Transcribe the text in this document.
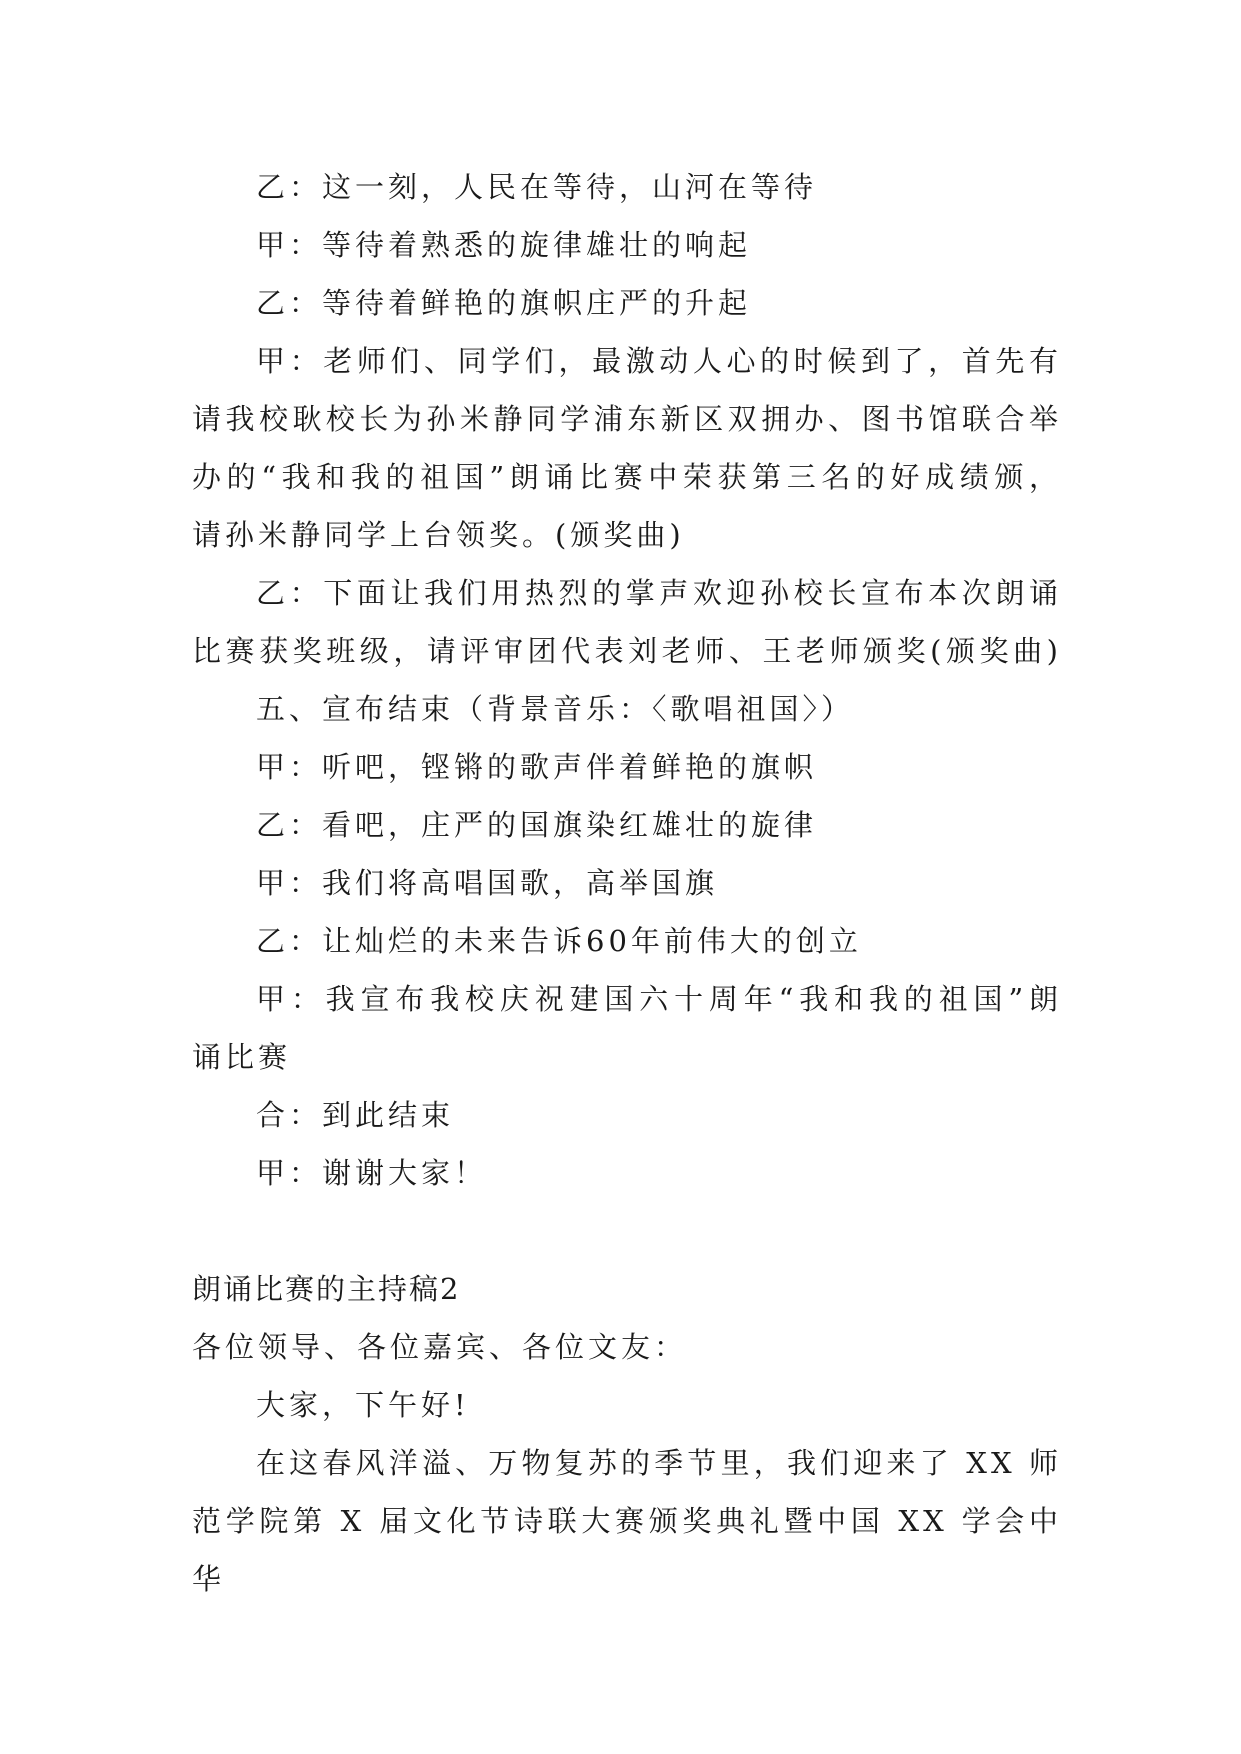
乙：这一刻，人民在等待，山河在等待
甲：等待着熟悉的旋律雄壮的响起
乙：等待着鲜艳的旗帜庄严的升起
甲：老师们、同学们，最激动人心的时候到了，首先有
请我校耿校长为孙米静同学浦东新区双拥办、图书馆联合举
办的“我和我的祖国”朗诵比赛中荣获第三名的好成绩颁，
请孙米静同学上台领奖。(颁奖曲)
乙：下面让我们用热烈的掌声欢迎孙校长宣布本次朗诵
比赛获奖班级，请评审团代表刘老师、王老师颁奖(颁奖曲)
五、宣布结束（背景音乐：〈歌唱祖国〉）
甲：听吧，铿锵的歌声伴着鲜艳的旗帜
乙：看吧，庄严的国旗染红雄壮的旋律
甲：我们将高唱国歌，高举国旗
乙：让灿烂的未来告诉60年前伟大的创立
甲：我宣布我校庆祝建国六十周年“我和我的祖国”朗
诵比赛
合：到此结束
甲：谢谢大家！
朗诵比赛的主持稿2
各位领导、各位嘉宾、各位文友：
大家，下午好!
在这春风洋溢、万物复苏的季节里，我们迎来了 XX 师
范学院第 X 届文化节诗联大赛颁奖典礼暨中国 XX 学会中华
